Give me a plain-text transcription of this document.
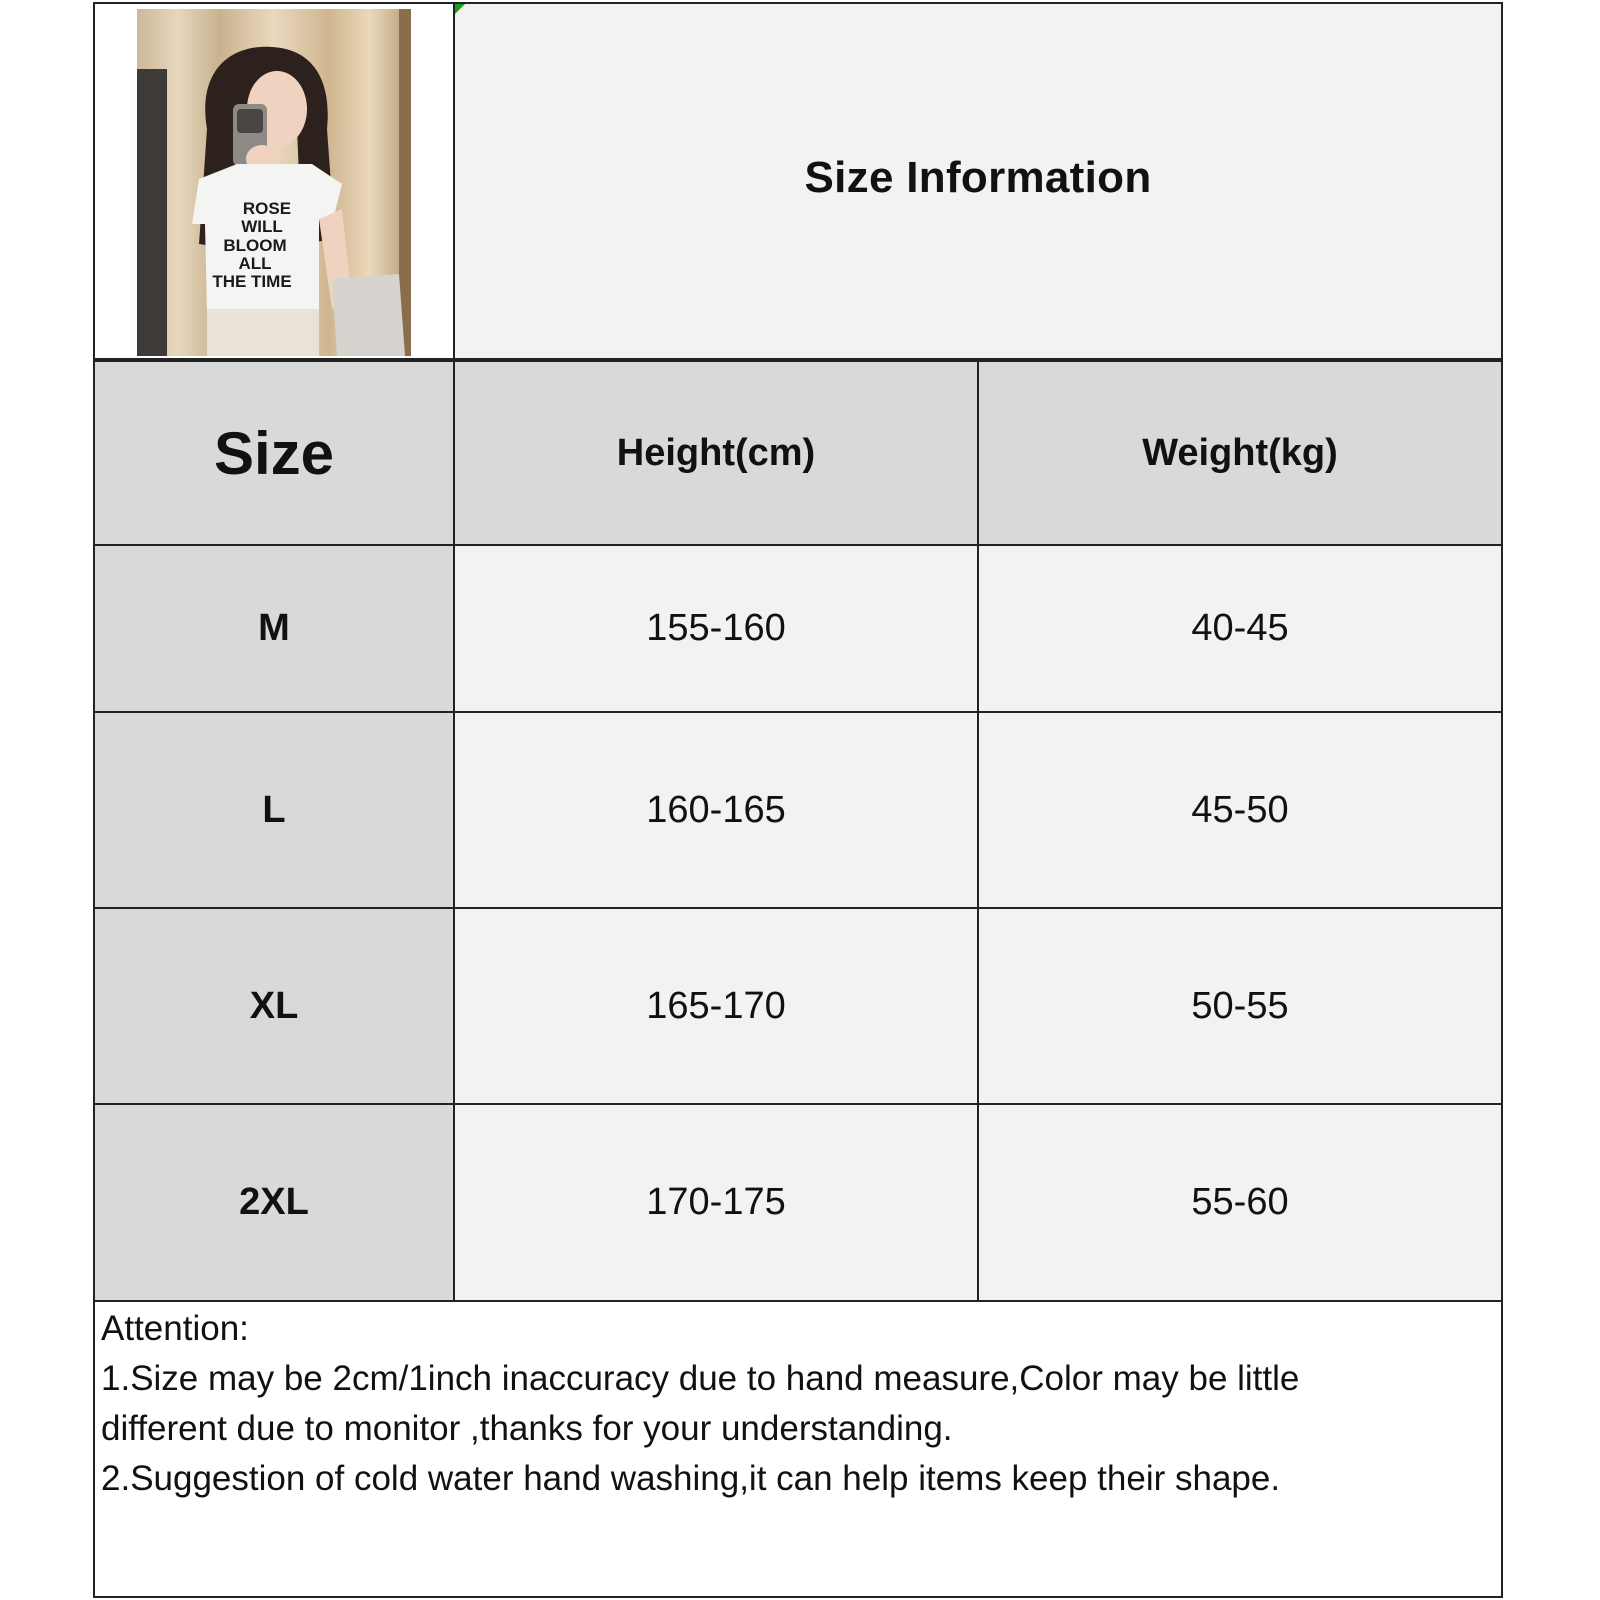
ROSE
WILL
BLOOM
ALL
THE TIME
Size Information
Size	Height(cm)	Weight(kg)
M	155-160	40-45
L	160-165	45-50
XL	165-170	50-55
2XL	170-175	55-60
Attention:
1.Size may be 2cm/1inch inaccuracy due to hand measure,Color may be little
different due to monitor ,thanks for your understanding.
2.Suggestion of cold water hand washing,it can help items keep their shape.
